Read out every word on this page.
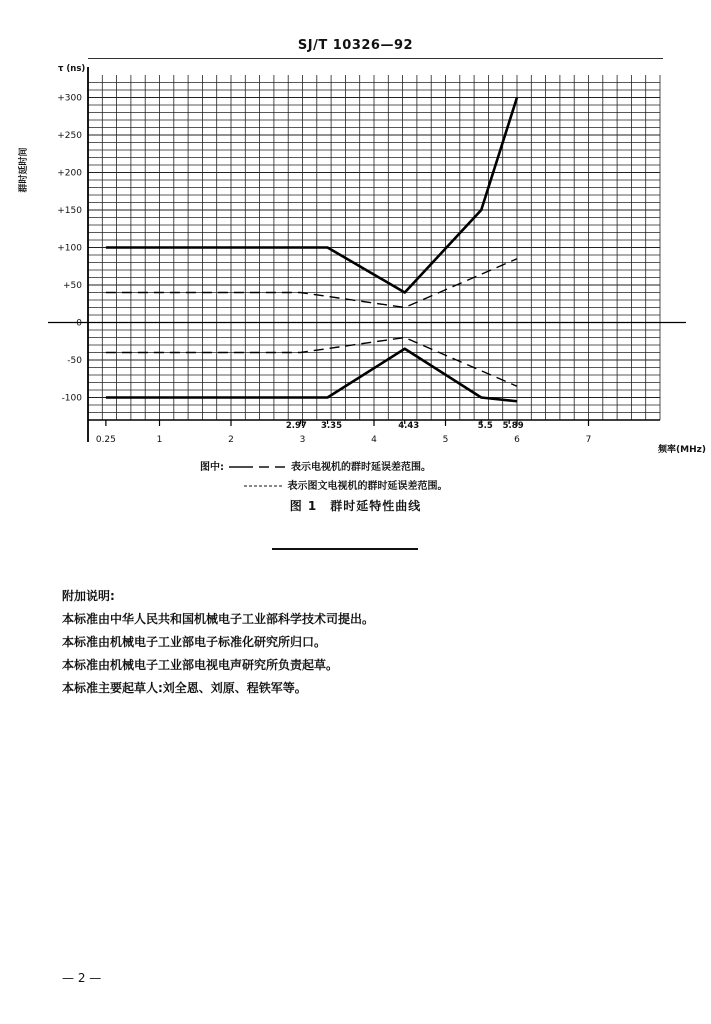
SJ/T 10326—92
+300
+250
+200
+150
+100
+50
0
-50
-100
0.25	1	2	3	4	5	6	7
2.97 3.35	4.43	5.5 5.89
τ (ns)
群时延时间
频率(MHz)
图中:	表示电视机的群时延误差范围。
表示图文电视机的群时延误差范围。
图 1　群时延特性曲线
附加说明:
本标准由中华人民共和国机械电子工业部科学技术司提出。
本标准由机械电子工业部电子标准化研究所归口。
本标准由机械电子工业部电视电声研究所负责起草。
本标准主要起草人:刘全恩、刘原、程铁军等。
— 2 —
